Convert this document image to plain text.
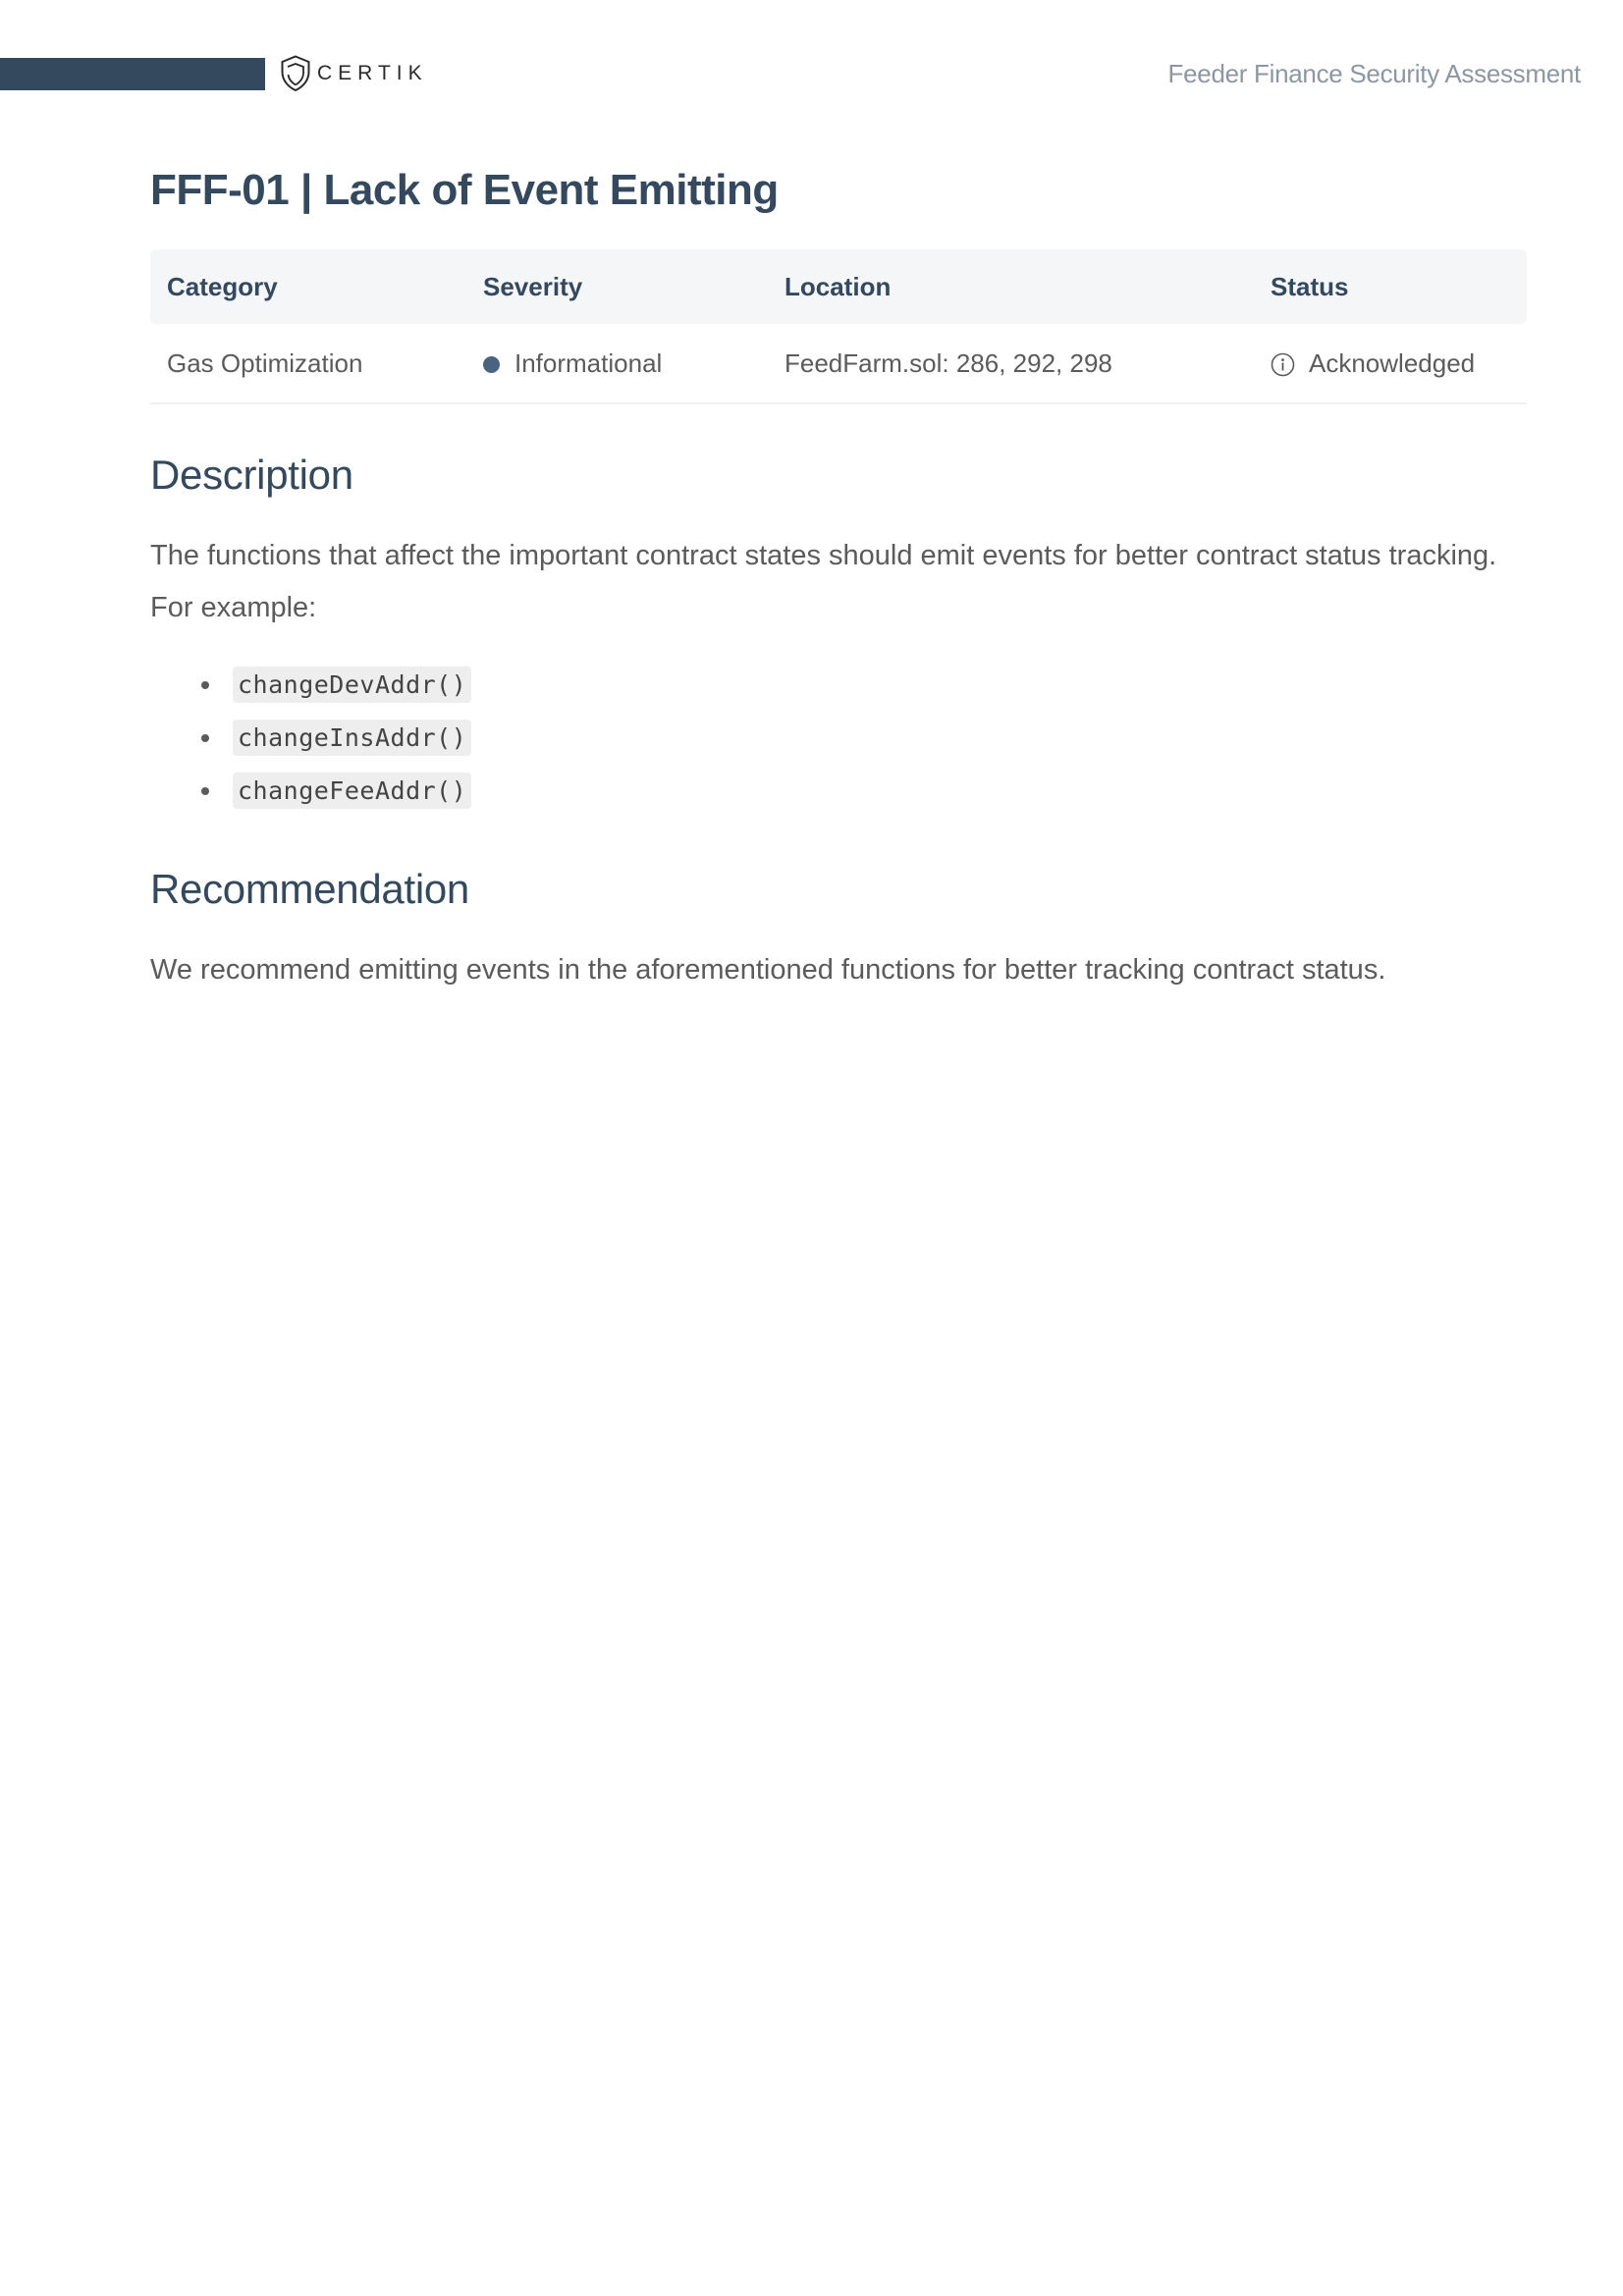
CERTIK	Feeder Finance Security Assessment
FFF-01 | Lack of Event Emitting
Category	Severity	Location	Status
Gas Optimization	Informational	FeedFarm.sol: 286, 292, 298	Acknowledged
Description

The functions that affect the important contract states should emit events for better contract status tracking. For example:

changeDevAddr()
changeInsAddr()
changeFeeAddr()
Recommendation

We recommend emitting events in the aforementioned functions for better tracking contract status.
